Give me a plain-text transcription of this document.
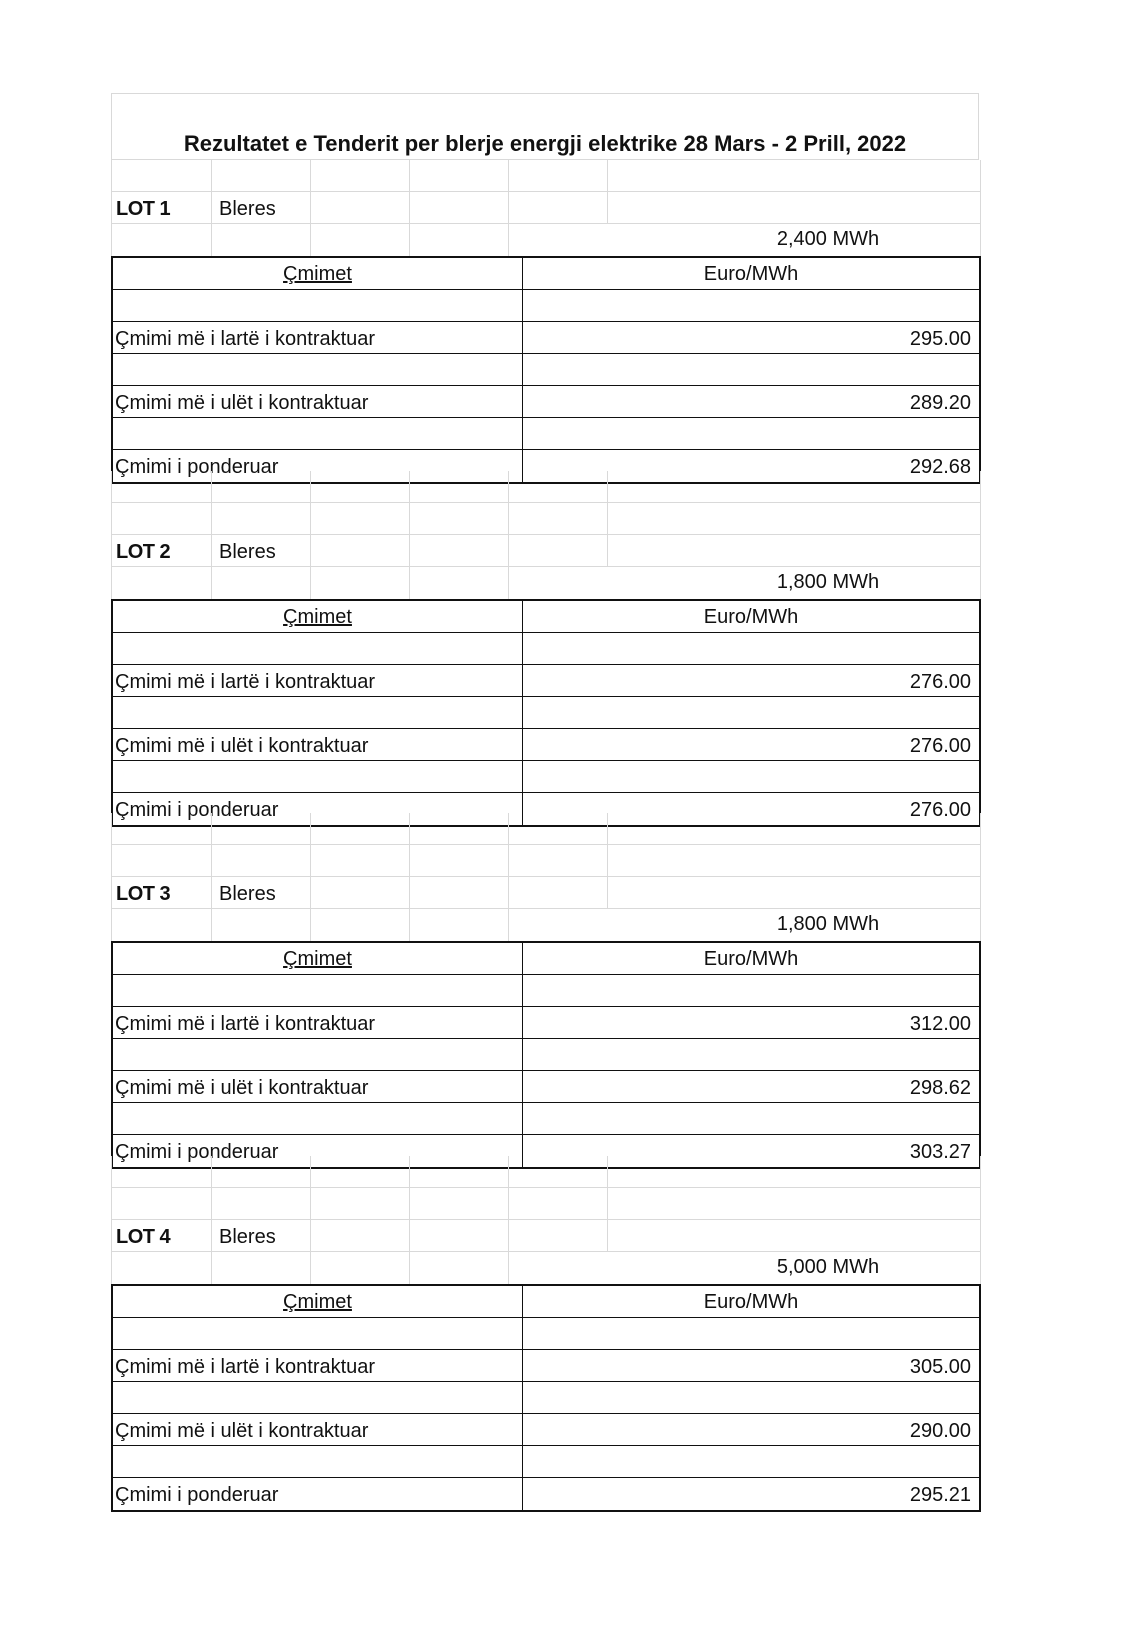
Rezultatet e Tenderit per blerje energji elektrike 28 Mars - 2 Prill, 2022
LOT 1 Bleres
2,400 MWh
Çmimet	Euro/MWh
Çmimi më i lartë i kontraktuar	295.00
Çmimi më i ulët i kontraktuar	289.20
Çmimi i ponderuar	292.68
LOT 2 Bleres
1,800 MWh
Çmimet	Euro/MWh
Çmimi më i lartë i kontraktuar	276.00
Çmimi më i ulët i kontraktuar	276.00
Çmimi i ponderuar	276.00
LOT 3 Bleres
1,800 MWh
Çmimet	Euro/MWh
Çmimi më i lartë i kontraktuar	312.00
Çmimi më i ulët i kontraktuar	298.62
Çmimi i ponderuar	303.27
LOT 4 Bleres
5,000 MWh
Çmimet	Euro/MWh
Çmimi më i lartë i kontraktuar	305.00
Çmimi më i ulët i kontraktuar	290.00
Çmimi i ponderuar	295.21
